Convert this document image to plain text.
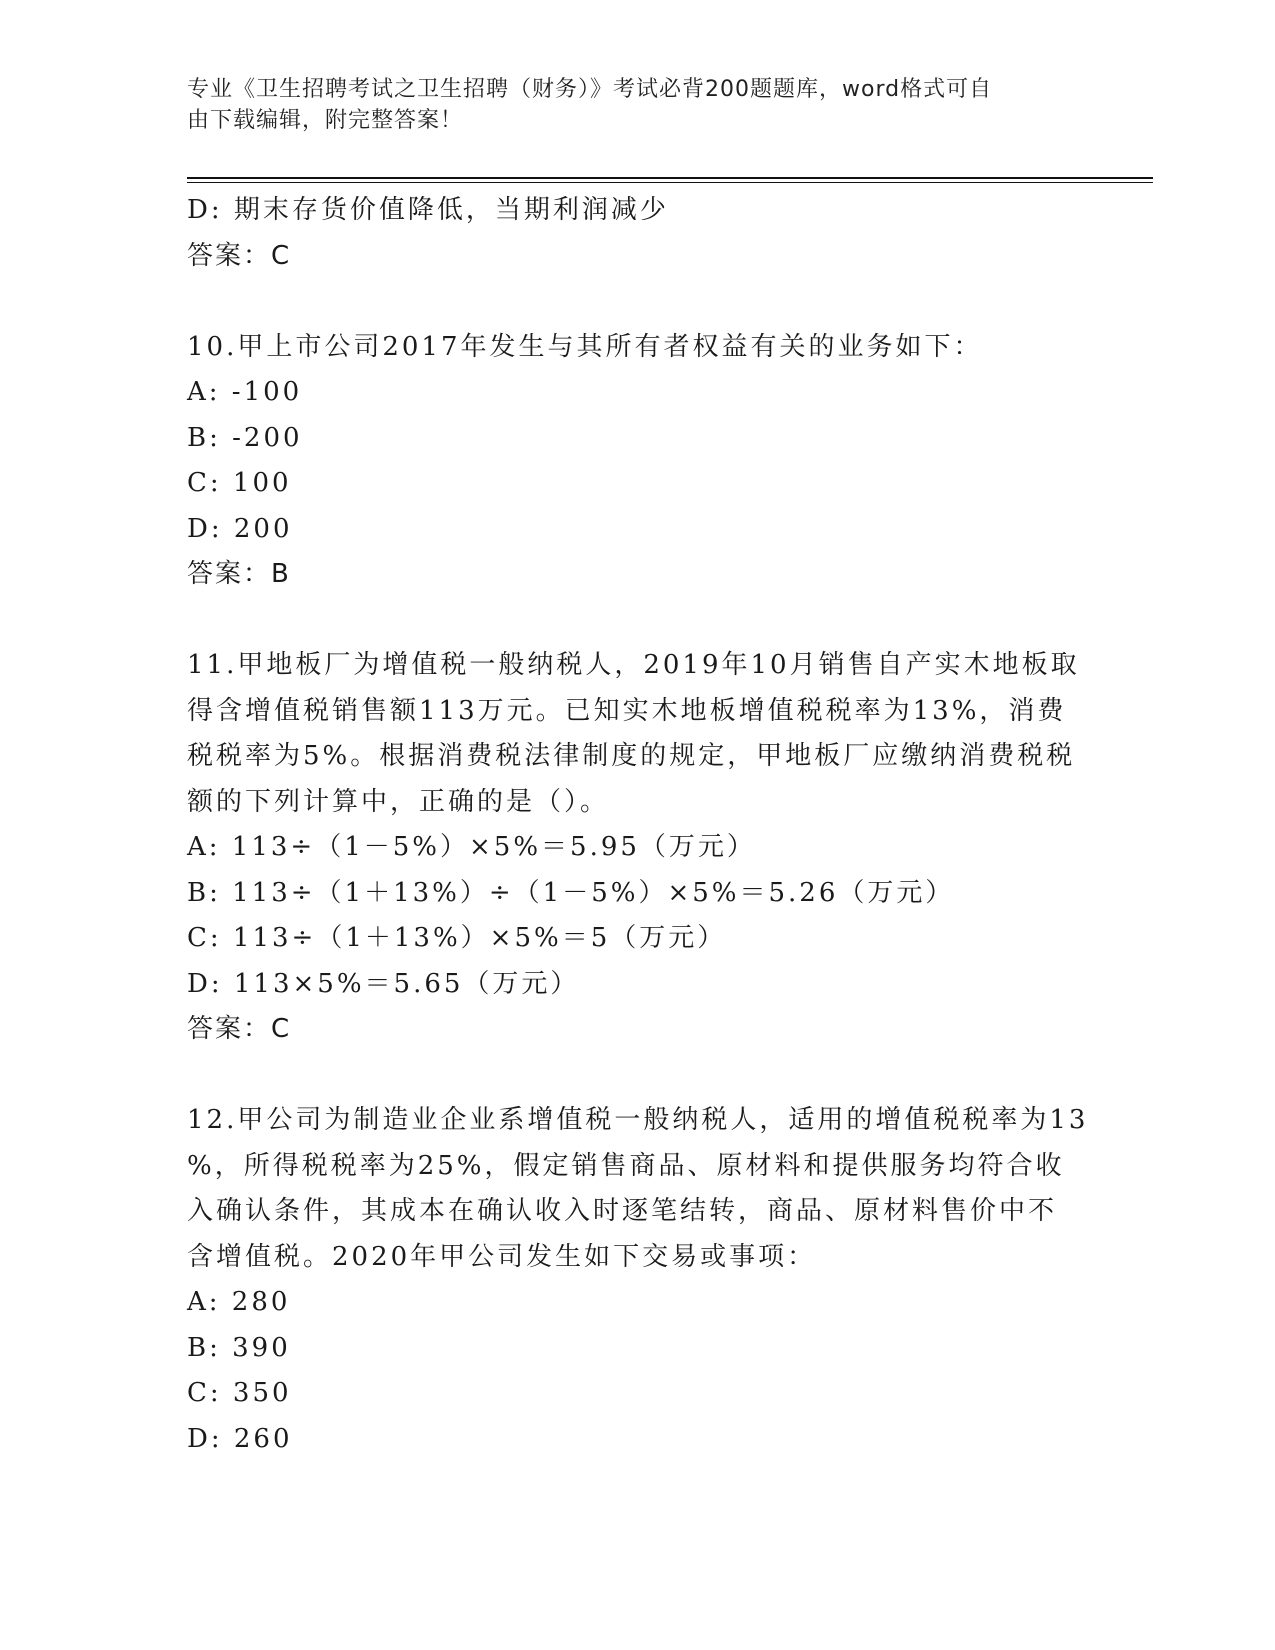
专业《卫生招聘考试之卫生招聘（财务）》考试必背200题题库，word格式可自
由下载编辑，附完整答案！
D: 期末存货价值降低，当期利润减少
答案：C
10.甲上市公司2017年发生与其所有者权益有关的业务如下：
A: -100
B: -200
C: 100
D: 200
答案：B
11.甲地板厂为增值税一般纳税人，2019年10月销售自产实木地板取
得含增值税销售额113万元。已知实木地板增值税税率为13%，消费
税税率为5%。根据消费税法律制度的规定，甲地板厂应缴纳消费税税
额的下列计算中，正确的是（）。
A: 113÷（1－5%）×5%＝5.95（万元）
B: 113÷（1＋13%）÷（1－5%）×5%＝5.26（万元）
C: 113÷（1＋13%）×5%＝5（万元）
D: 113×5%＝5.65（万元）
答案：C
12.甲公司为制造业企业系增值税一般纳税人，适用的增值税税率为13
%，所得税税率为25%，假定销售商品、原材料和提供服务均符合收
入确认条件，其成本在确认收入时逐笔结转，商品、原材料售价中不
含增值税。2020年甲公司发生如下交易或事项：
A: 280
B: 390
C: 350
D: 260
